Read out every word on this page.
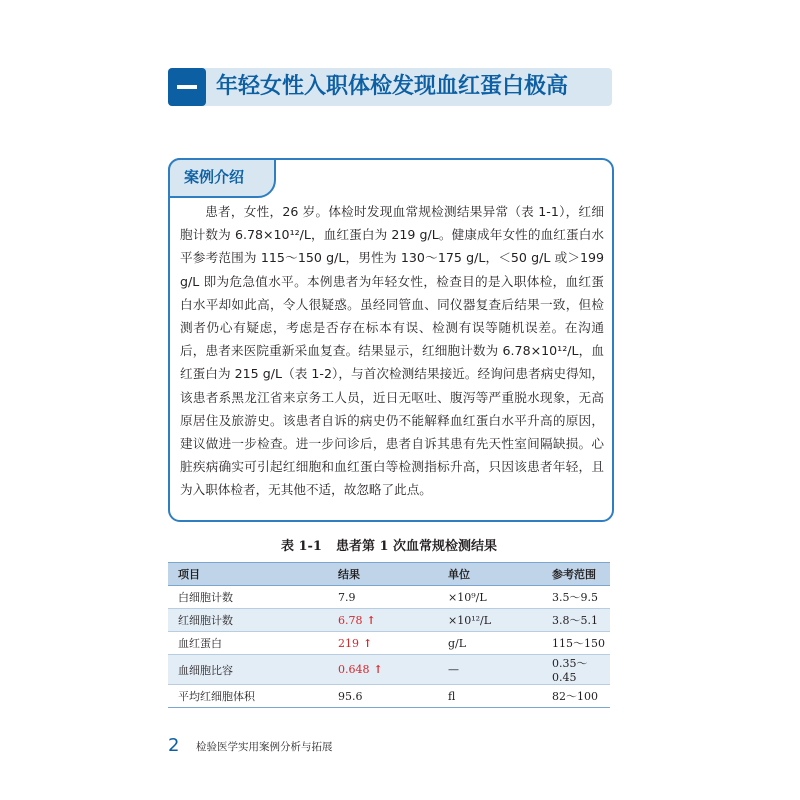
年轻女性入职体检发现血红蛋白极高
案例介绍

患者，女性，26 岁。体检时发现血常规检测结果异常（表 1-1），红细胞计数为 6.78×10¹²/L，血红蛋白为 219 g/L。健康成年女性的血红蛋白水平参考范围为 115～150 g/L，男性为 130～175 g/L，＜50 g/L 或＞199 g/L 即为危急值水平。本例患者为年轻女性，检查目的是入职体检，血红蛋白水平却如此高，令人很疑惑。虽经同管血、同仪器复查后结果一致，但检测者仍心有疑虑，考虑是否存在标本有误、检测有误等随机误差。在沟通后，患者来医院重新采血复查。结果显示，红细胞计数为 6.78×10¹²/L，血红蛋白为 215 g/L（表 1-2），与首次检测结果接近。经询问患者病史得知，该患者系黑龙江省来京务工人员，近日无呕吐、腹泻等严重脱水现象，无高原居住及旅游史。该患者自诉的病史仍不能解释血红蛋白水平升高的原因，建议做进一步检查。进一步问诊后，患者自诉其患有先天性室间隔缺损。心脏疾病确实可引起红细胞和血红蛋白等检测指标升高，只因该患者年轻，且为入职体检者，无其他不适，故忽略了此点。

表 1-1 患者第 1 次血常规检测结果
项目	结果	单位	参考范围
白细胞计数	7.9	×10⁹/L	3.5～9.5
红细胞计数	6.78 ↑	×10¹²/L	3.8～5.1
血红蛋白	219 ↑	g/L	115～150
血细胞比容	0.648 ↑	—	0.35～0.45
平均红细胞体积	95.6	fl	82～100
2 检验医学实用案例分析与拓展
